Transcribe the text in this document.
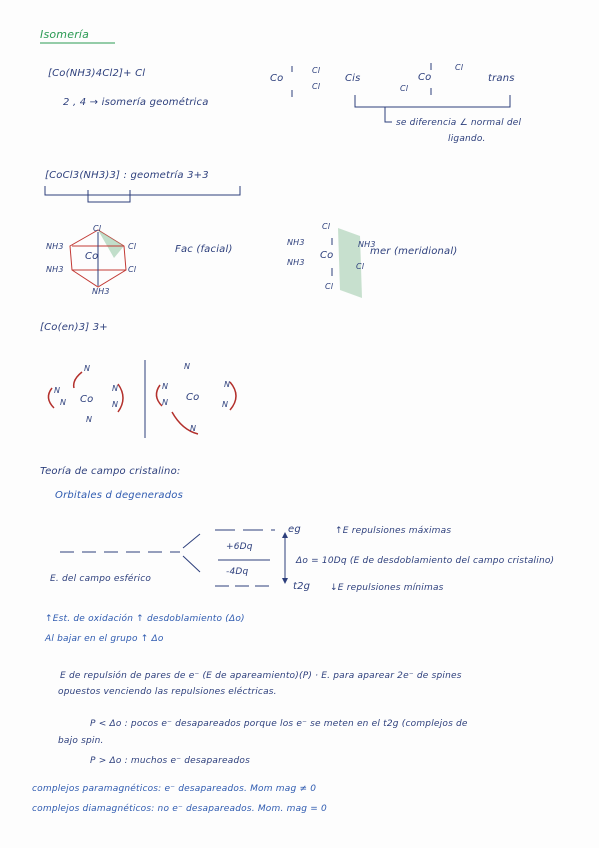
Isomería
[Co(NH3)4Cl2]+ Cl
2 , 4 → isomería geométrica
Co
Cl
Cl
Cis
Cl
Co
Cl
trans
se diferencia ∠ normal del
ligando.
[CoCl3(NH3)3] : geometría 3+3
Cl
NH3	Cl
Co
NH3	Cl
NH3
Fac (facial)
Cl
NH3	NH3
Co
NH3	Cl
Cl
mer (meridional)
[Co(en)3] 3+
N
N
N Co
N
N
N
N
N
N Co
N
N
N
Teoría de campo cristalino:
Orbitales d degenerados
eg	↑E repulsiones máximas
+6Dq
Δo = 10Dq (E de desdoblamiento del campo cristalino)
-4Dq
t2g ↓E repulsiones mínimas
E. del campo esférico
↑Est. de oxidación ↑ desdoblamiento (Δo)
Al bajar en el grupo ↑ Δo
E de repulsión de pares de e⁻ (E de apareamiento)(P) · E. para aparear 2e⁻ de spines
opuestos venciendo las repulsiones eléctricas.
P < Δo : pocos e⁻ desapareados porque los e⁻ se meten en el t2g (complejos de
bajo spin.
P > Δo : muchos e⁻ desapareados
complejos paramagnéticos: e⁻ desapareados. Mom mag ≠ 0
complejos diamagnéticos: no e⁻ desapareados. Mom. mag = 0
